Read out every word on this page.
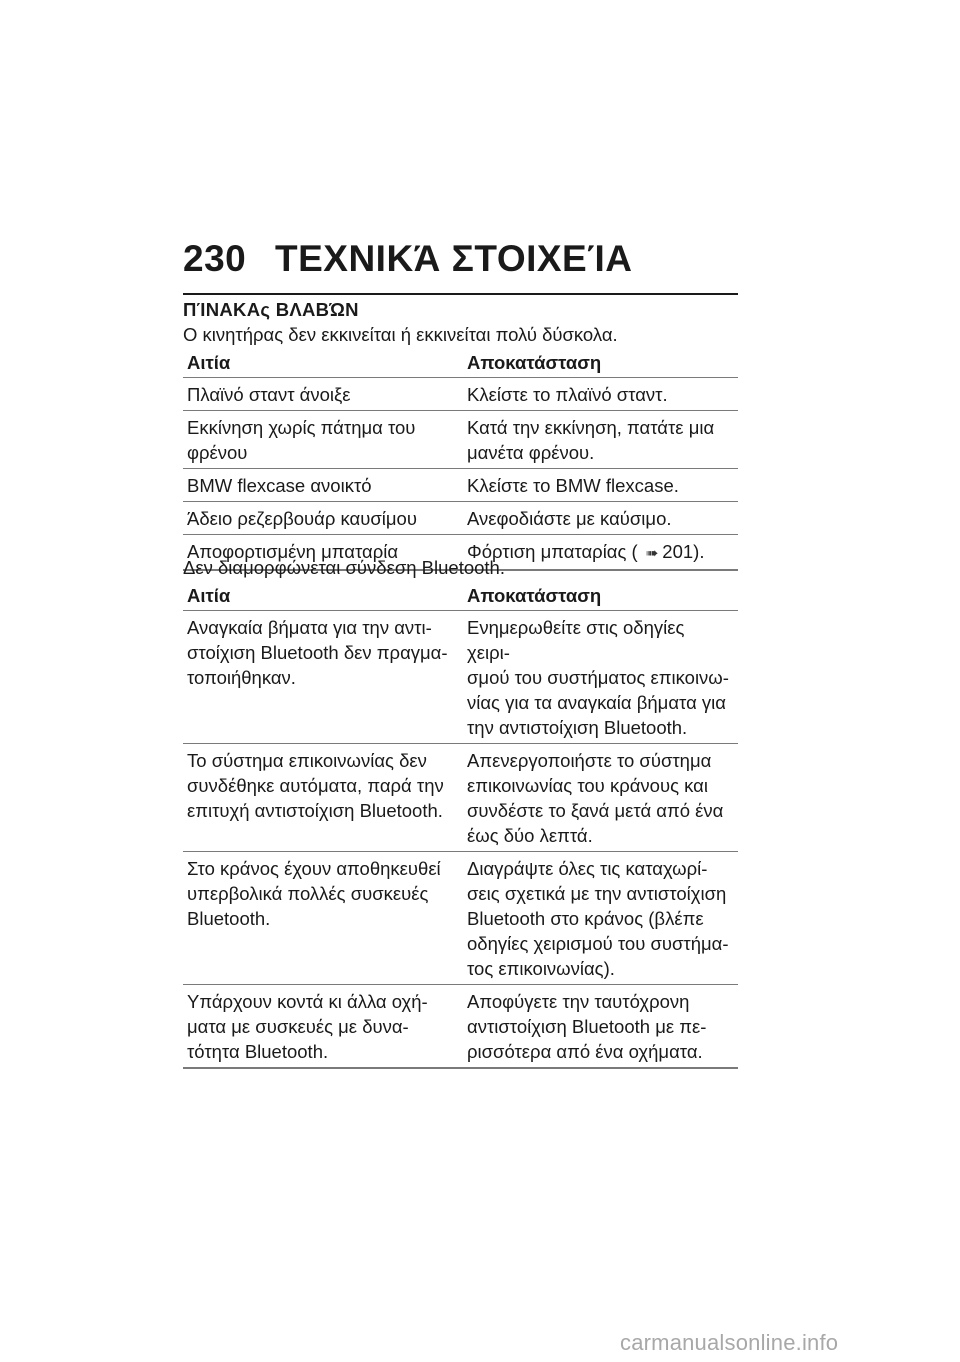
230 ΤΕΧΝΙΚΆ ΣΤΟΙΧΕΊΑ
ΠΊΝΑΚΑς ΒΛΑΒΏΝ

Ο κινητήρας δεν εκκινείται ή εκκινείται πολύ δύσκολα.

Αιτία	Αποκατάσταση
Πλαϊνό σταντ άνοιξε	Κλείστε το πλαϊνό σταντ.
Εκκίνηση χωρίς πάτημα του
φρένου	Κατά την εκκίνηση, πατάτε μια
μανέτα φρένου.
BMW flexcase ανοικτό	Κλείστε το BMW flexcase.
Άδειο ρεζερβουάρ καυσίμου	Ανεφοδιάστε με καύσιμο.
Αποφορτισμένη μπαταρία	Φόρτιση μπαταρίας ( ➠ 201).

Δεν διαμορφώνεται σύνδεση Bluetooth.

Αιτία	Αποκατάσταση
Αναγκαία βήματα για την αντι-
στοίχιση Bluetooth δεν πραγμα-
τοποιήθηκαν.	Ενημερωθείτε στις οδηγίες χειρι-
σμού του συστήματος επικοινω-
νίας για τα αναγκαία βήματα για
την αντιστοίχιση Bluetooth.
Το σύστημα επικοινωνίας δεν
συνδέθηκε αυτόματα, παρά την
επιτυχή αντιστοίχιση Bluetooth.	Απενεργοποιήστε το σύστημα
επικοινωνίας του κράνους και
συνδέστε το ξανά μετά από ένα
έως δύο λεπτά.
Στο κράνος έχουν αποθηκευθεί
υπερβολικά πολλές συσκευές
Bluetooth.	Διαγράψτε όλες τις καταχωρί-
σεις σχετικά με την αντιστοίχιση
Bluetooth στο κράνος (βλέπε
οδηγίες χειρισμού του συστήμα-
τος επικοινωνίας).
Υπάρχουν κοντά κι άλλα οχή-
ματα με συσκευές με δυνα-
τότητα Bluetooth.	Αποφύγετε την ταυτόχρονη
αντιστοίχιση Bluetooth με πε-
ρισσότερα από ένα οχήματα.
carmanualsonline.info
